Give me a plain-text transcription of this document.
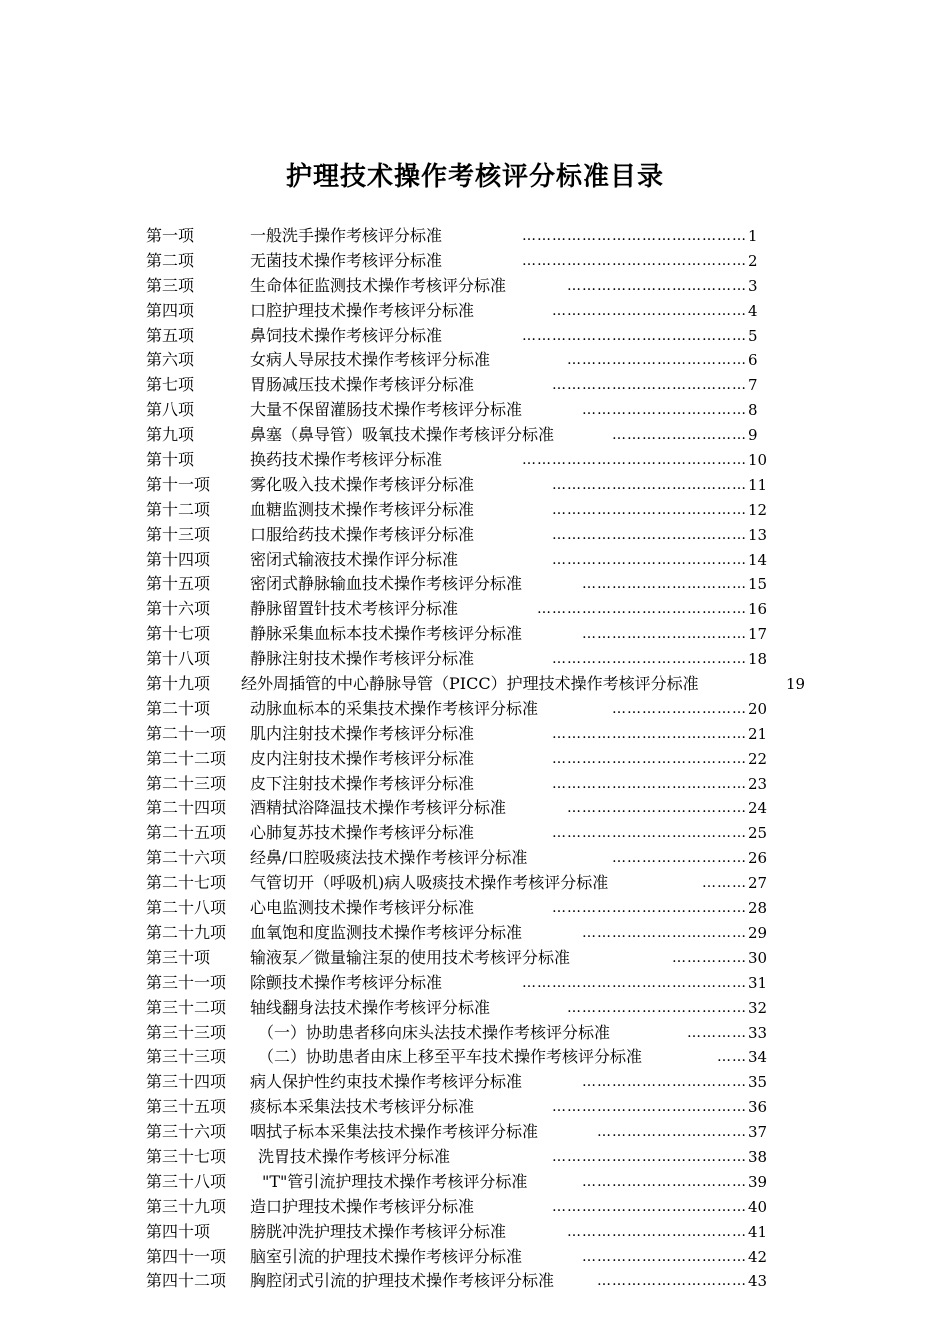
护理技术操作考核评分标准目录
第一项	一般洗手操作考核评分标准	……………………………………… 1
第二项	无菌技术操作考核评分标准	……………………………………… 2
第三项	生命体征监测技术操作考核评分标准	……………………………… 3
第四项	口腔护理技术操作考核评分标准	………………………………… 4
第五项	鼻饲技术操作考核评分标准	……………………………………… 5
第六项	女病人导尿技术操作考核评分标准	……………………………… 6
第七项	胃肠减压技术操作考核评分标准	………………………………… 7
第八项	大量不保留灌肠技术操作考核评分标准	…………………………… 8
第九项	鼻塞（鼻导管）吸氧技术操作考核评分标准	……………………… 9
第十项	换药技术操作考核评分标准	……………………………………… 10
第十一项 雾化吸入技术操作考核评分标准	………………………………… 11
第十二项 血糖监测技术操作考核评分标准	………………………………… 12
第十三项 口服给药技术操作考核评分标准	………………………………… 13
第十四项 密闭式输液技术操作评分标准	………………………………… 14
第十五项 密闭式静脉输血技术操作考核评分标准	…………………………… 15
第十六项 静脉留置针技术考核评分标准	…………………………………… 16
第十七项 静脉采集血标本技术操作考核评分标准	…………………………… 17
第十八项 静脉注射技术操作考核评分标准	………………………………… 18
第十九项 经外周插管的中心静脉导管（PICC）护理技术操作考核评分标准	19
第二十项 动脉血标本的采集技术操作考核评分标准	……………………… 20
第二十一项 肌内注射技术操作考核评分标准	………………………………… 21
第二十二项 皮内注射技术操作考核评分标准	………………………………… 22
第二十三项 皮下注射技术操作考核评分标准	………………………………… 23
第二十四项 酒精拭浴降温技术操作考核评分标准	……………………………… 24
第二十五项 心肺复苏技术操作考核评分标准	………………………………… 25
第二十六项 经鼻/口腔吸痰法技术操作考核评分标准	……………………… 26
第二十七项 气管切开（呼吸机)病人吸痰技术操作考核评分标准	……… 27
第二十八项 心电监测技术操作考核评分标准	………………………………… 28
第二十九项 血氧饱和度监测技术操作考核评分标准	…………………………… 29
第三十项 输液泵／微量输注泵的使用技术考核评分标准	…………… 30
第三十一项 除颤技术操作考核评分标准	……………………………………… 31
第三十二项 轴线翻身法技术操作考核评分标准	……………………………… 32
第三十三项 （一）协助患者移向床头法技术操作考核评分标准	………… 33
第三十三项 （二）协助患者由床上移至平车技术操作考核评分标准	…… 34
第三十四项 病人保护性约束技术操作考核评分标准	…………………………… 35
第三十五项 痰标本采集法技术考核评分标准	………………………………… 36
第三十六项 咽拭子标本采集法技术操作考核评分标准	………………………… 37
第三十七项 洗胃技术操作考核评分标准	………………………………… 38
第三十八项 "T"管引流护理技术操作考核评分标准	…………………………… 39
第三十九项 造口护理技术操作考核评分标准	………………………………… 40
第四十项 膀胱冲洗护理技术操作考核评分标准	……………………………… 41
第四十一项 脑室引流的护理技术操作考核评分标准	…………………………… 42
第四十二项 胸腔闭式引流的护理技术操作考核评分标准	………………………… 43
